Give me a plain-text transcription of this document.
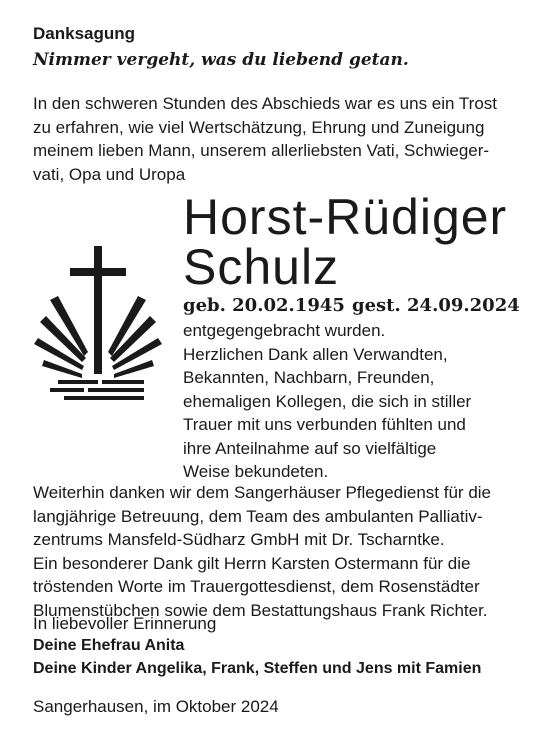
Danksagung
Nimmer vergeht, was du liebend getan.
In den schweren Stunden des Abschieds war es uns ein Trost
zu erfahren, wie viel Wertschätzung, Ehrung und Zuneigung
meinem lieben Mann, unserem allerliebsten Vati, Schwieger-
vati, Opa und Uropa
Horst-Rüdiger
Schulz
geb. 20.02.1945 gest. 24.09.2024
entgegengebracht wurden.
Herzlichen Dank allen Verwandten,
Bekannten, Nachbarn, Freunden,
ehemaligen Kollegen, die sich in stiller
Trauer mit uns verbunden fühlten und
ihre Anteilnahme auf so vielfältige
Weise bekundeten.
Weiterhin danken wir dem Sangerhäuser Pflegedienst für die
langjährige Betreuung, dem Team des ambulanten Palliativ-
zentrums Mansfeld-Südharz GmbH mit Dr. Tscharntke.
Ein besonderer Dank gilt Herrn Karsten Ostermann für die
tröstenden Worte im Trauergottesdienst, dem Rosenstädter
Blumenstübchen sowie dem Bestattungshaus Frank Richter.
In liebevoller Erinnerung
Deine Ehefrau Anita
Deine Kinder Angelika, Frank, Steffen und Jens mit Famien
Sangerhausen, im Oktober 2024
